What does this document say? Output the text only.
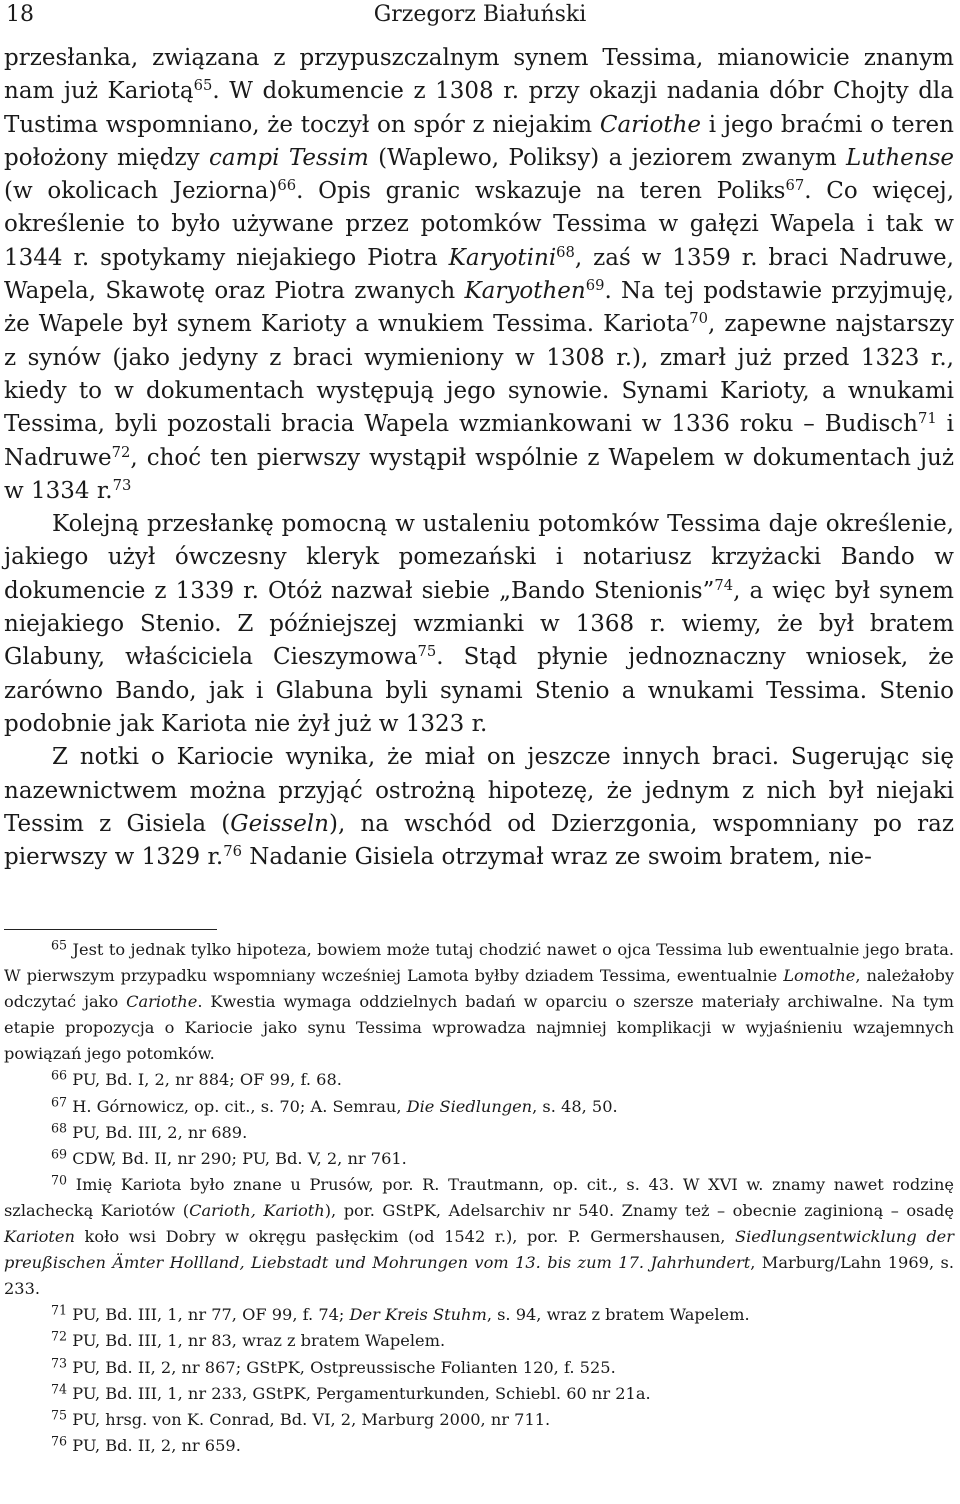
18	Grzegorz Białuński

przesłanka, związana z przypuszczalnym synem Tessima, mianowicie znanym nam już Kariotą$^{65}$. W dokumencie z 1308 r. przy okazji nadania dóbr Chojty dla Tustima wspomniano, że toczył on spór z niejakim Cariothe i jego braćmi o teren położony między campi Tessim (Waplewo, Poliksy) a jeziorem zwanym Luthense (w okolicach Jeziorna)$^{66}$. Opis granic wskazuje na teren Poliks$^{67}$. Co więcej, określenie to było używane przez potomków Tessima w gałęzi Wapela i tak w 1344 r. spotykamy niejakiego Piotra Karyotini$^{68}$, zaś w 1359 r. braci Nadruwe, Wapela, Skawotę oraz Piotra zwanych Karyothen$^{69}$. Na tej podstawie przyjmuję, że Wapele był synem Karioty a wnukiem Tessima. Kariota$^{70}$, zapewne najstarszy z synów (jako jedyny z braci wymieniony w 1308 r.), zmarł już przed 1323 r., kiedy to w dokumentach występują jego synowie. Synami Karioty, a wnukami Tessima, byli pozostali bracia Wapela wzmiankowani w 1336 roku – Budisch$^{71}$ i Nadruwe$^{72}$, choć ten pierwszy wystąpił wspólnie z Wapelem w dokumentach już w 1334 r.$^{73}$

Kolejną przesłankę pomocną w ustaleniu potomków Tessima daje określenie, jakiego użył ówczesny kleryk pomezański i notariusz krzyżacki Bando w dokumencie z 1339 r. Otóż nazwał siebie „Bando Stenionis”$^{74}$, a więc był synem niejakiego Stenio. Z późniejszej wzmianki w 1368 r. wiemy, że był bratem Glabuny, właściciela Cieszymowa$^{75}$. Stąd płynie jednoznaczny wniosek, że zarówno Bando, jak i Glabuna byli synami Stenio a wnukami Tessima. Stenio podobnie jak Kariota nie żył już w 1323 r.

Z notki o Kariocie wynika, że miał on jeszcze innych braci. Sugerując się nazewnictwem można przyjąć ostrożną hipotezę, że jednym z nich był niejaki Tessim z Gisiela (Geisseln), na wschód od Dzierzgonia, wspomniany po raz pierwszy w 1329 r.$^{76}$ Nadanie Gisiela otrzymał wraz ze swoim bratem, nie-

$^{65}$ Jest to jednak tylko hipoteza, bowiem może tutaj chodzić nawet o ojca Tessima lub ewentualnie jego brata. W pierwszym przypadku wspomniany wcześniej Lamota byłby dziadem Tessima, ewentualnie Lomothe, należałoby odczytać jako Cariothe. Kwestia wymaga oddzielnych badań w oparciu o szersze materiały archiwalne. Na tym etapie propozycja o Kariocie jako synu Tessima wprowadza najmniej komplikacji w wyjaśnieniu wzajemnych powiązań jego potomków.

$^{66}$ PU, Bd. I, 2, nr 884; OF 99, f. 68.

$^{67}$ H. Górnowicz, op. cit., s. 70; A. Semrau, Die Siedlungen, s. 48, 50.

$^{68}$ PU, Bd. III, 2, nr 689.

$^{69}$ CDW, Bd. II, nr 290; PU, Bd. V, 2, nr 761.

$^{70}$ Imię Kariota było znane u Prusów, por. R. Trautmann, op. cit., s. 43. W XVI w. znamy nawet rodzinę szlachecką Kariotów (Carioth, Karioth), por. GStPK, Adelsarchiv nr 540. Znamy też – obecnie zaginioną – osadę Karioten koło wsi Dobry w okręgu pasłęckim (od 1542 r.), por. P. Germershausen, Siedlungsentwicklung der preußischen Ämter Hollland, Liebstadt und Mohrungen vom 13. bis zum 17. Jahrhundert, Marburg/Lahn 1969, s. 233.

$^{71}$ PU, Bd. III, 1, nr 77, OF 99, f. 74; Der Kreis Stuhm, s. 94, wraz z bratem Wapelem.

$^{72}$ PU, Bd. III, 1, nr 83, wraz z bratem Wapelem.

$^{73}$ PU, Bd. II, 2, nr 867; GStPK, Ostpreussische Folianten 120, f. 525.

$^{74}$ PU, Bd. III, 1, nr 233, GStPK, Pergamenturkunden, Schiebl. 60 nr 21a.

$^{75}$ PU, hrsg. von K. Conrad, Bd. VI, 2, Marburg 2000, nr 711.

$^{76}$ PU, Bd. II, 2, nr 659.
